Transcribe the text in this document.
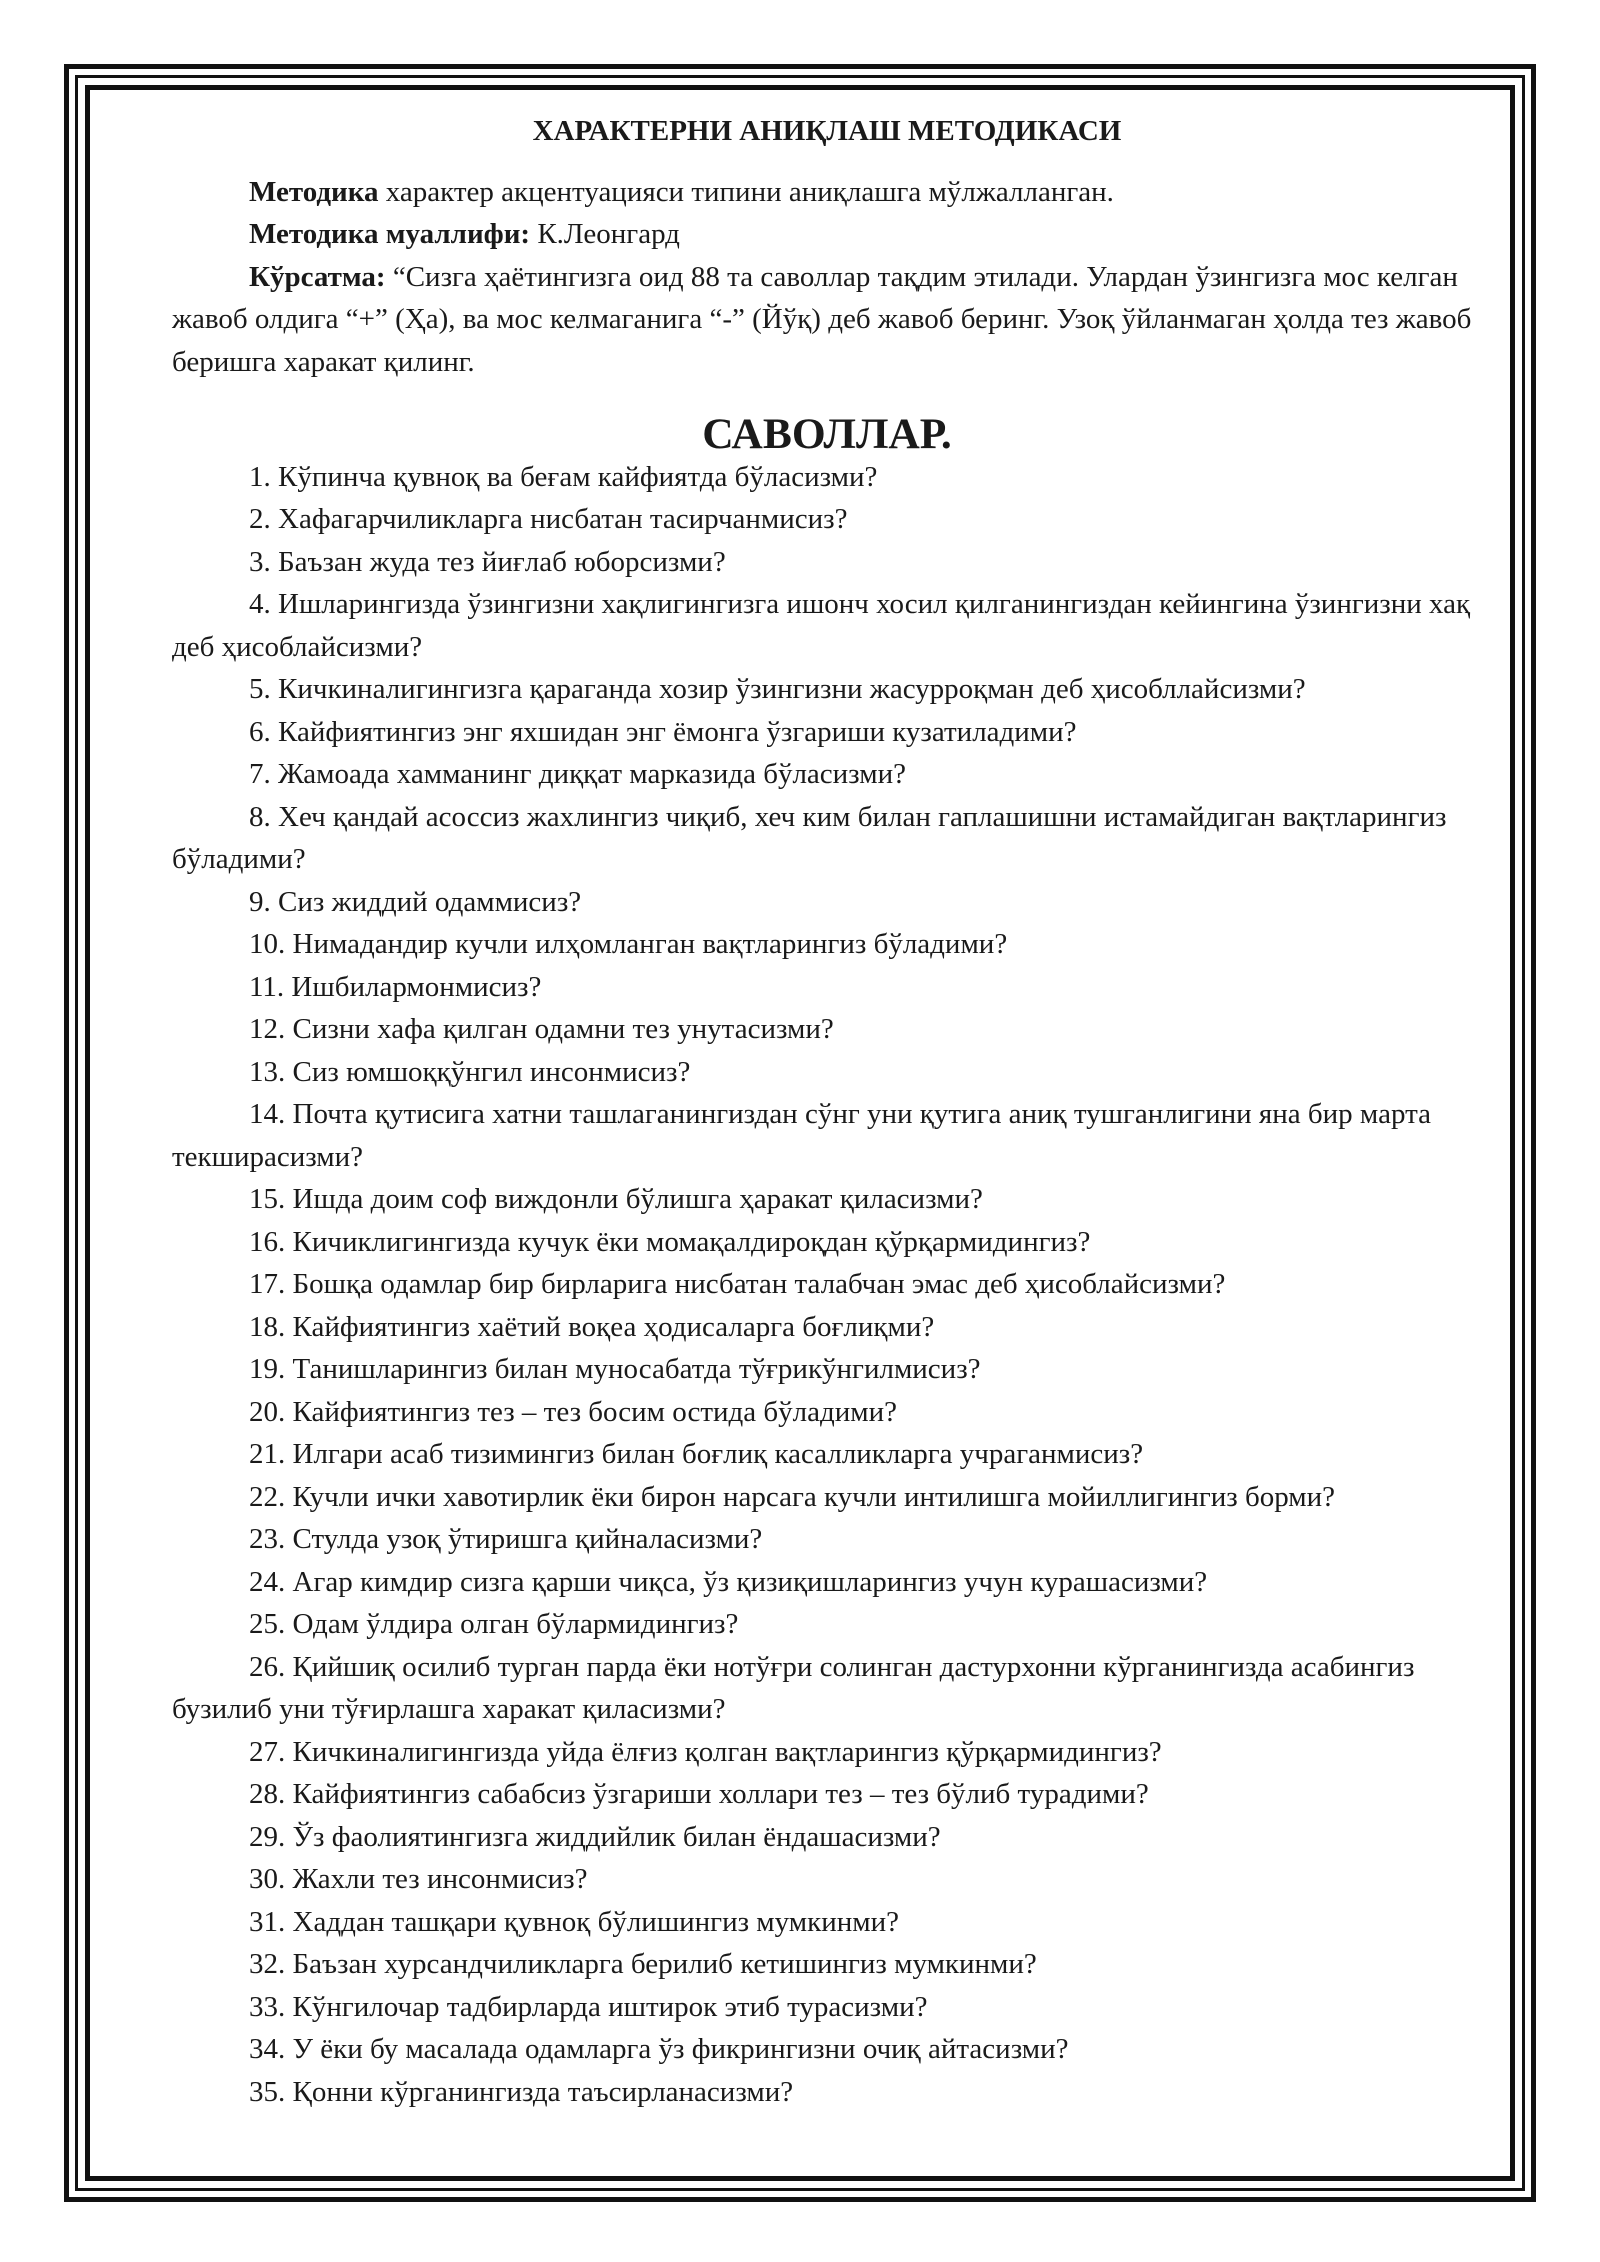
ХАРАКТЕРНИ АНИҚЛАШ МЕТОДИКАСИ

Методика характер акцентуацияси типини аниқлашга мўлжалланган.

Методика муаллифи: К.Леонгард

Кўрсатма: “Сизга ҳаётингизга оид 88 та саволлар тақдим этилади. Улардан ўзингизга мос келган жавоб олдига “+” (Ҳа), ва мос келмаганига “-” (Йўқ) деб жавоб беринг. Узоқ ўйланмаган ҳолда тез жавоб беришга харакат қилинг.

САВОЛЛАР.
1. Кўпинча қувноқ ва беғам кайфиятда бўласизми?
2. Хафагарчиликларга нисбатан тасирчанмисиз?
3. Баъзан жуда тез йиғлаб юборсизми?
4. Ишларингизда ўзингизни хақлигингизга ишонч хосил қилганингиздан кейингина ўзингизни хақ деб ҳисоблайсизми?
5. Кичкиналигингизга қараганда хозир ўзингизни жасурроқман деб ҳисобллайсизми?
6. Кайфиятингиз энг яхшидан энг ёмонга ўзгариши кузатиладими?
7. Жамоада хамманинг диққат марказида бўласизми?
8. Хеч қандай асоссиз жахлингиз чиқиб, хеч ким билан гаплашишни истамайдиган вақтларингиз бўладими?
9. Сиз жиддий одаммисиз?
10. Нимадандир кучли илҳомланган вақтларингиз бўладими?
11. Ишбилармонмисиз?
12. Сизни хафа қилган одамни тез унутасизми?
13. Сиз юмшоққўнгил инсонмисиз?
14. Почта қутисига хатни ташлаганингиздан сўнг уни қутига аниқ тушганлигини яна бир марта текширасизми?
15. Ишда доим соф виждонли бўлишга ҳаракат қиласизми?
16. Кичиклигингизда кучук ёки момақалдироқдан қўрқармидингиз?
17. Бошқа одамлар бир бирларига нисбатан талабчан эмас деб ҳисоблайсизми?
18. Кайфиятингиз хаётий воқеа ҳодисаларга боғлиқми?
19. Танишларингиз билан муносабатда тўғрикўнгилмисиз?
20. Кайфиятингиз тез – тез босим остида бўладими?
21. Илгари асаб тизимингиз билан боғлиқ касалликларга учраганмисиз?
22. Кучли ички хавотирлик ёки бирон нарсага кучли интилишга мойиллигингиз борми?
23. Стулда узоқ ўтиришга қийналасизми?
24. Агар кимдир сизга қарши чиқса, ўз қизиқишларингиз учун курашасизми?
25. Одам ўлдира олган бўлармидингиз?
26. Қийшиқ осилиб турган парда ёки нотўғри солинган дастурхонни кўрганингизда асабингиз бузилиб уни тўғирлашга харакат қиласизми?
27. Кичкиналигингизда уйда ёлғиз қолган вақтларингиз қўрқармидингиз?
28. Кайфиятингиз сабабсиз ўзгариши холлари тез – тез бўлиб турадими?
29. Ўз фаолиятингизга жиддийлик билан ёндашасизми?
30. Жахли тез инсонмисиз?
31. Хаддан ташқари қувноқ бўлишингиз мумкинми?
32. Баъзан хурсандчиликларга берилиб кетишингиз мумкинми?
33. Кўнгилочар тадбирларда иштирок этиб турасизми?
34. У ёки бу масалада одамларга ўз фикрингизни очиқ айтасизми?
35. Қонни кўрганингизда таъсирланасизми?
